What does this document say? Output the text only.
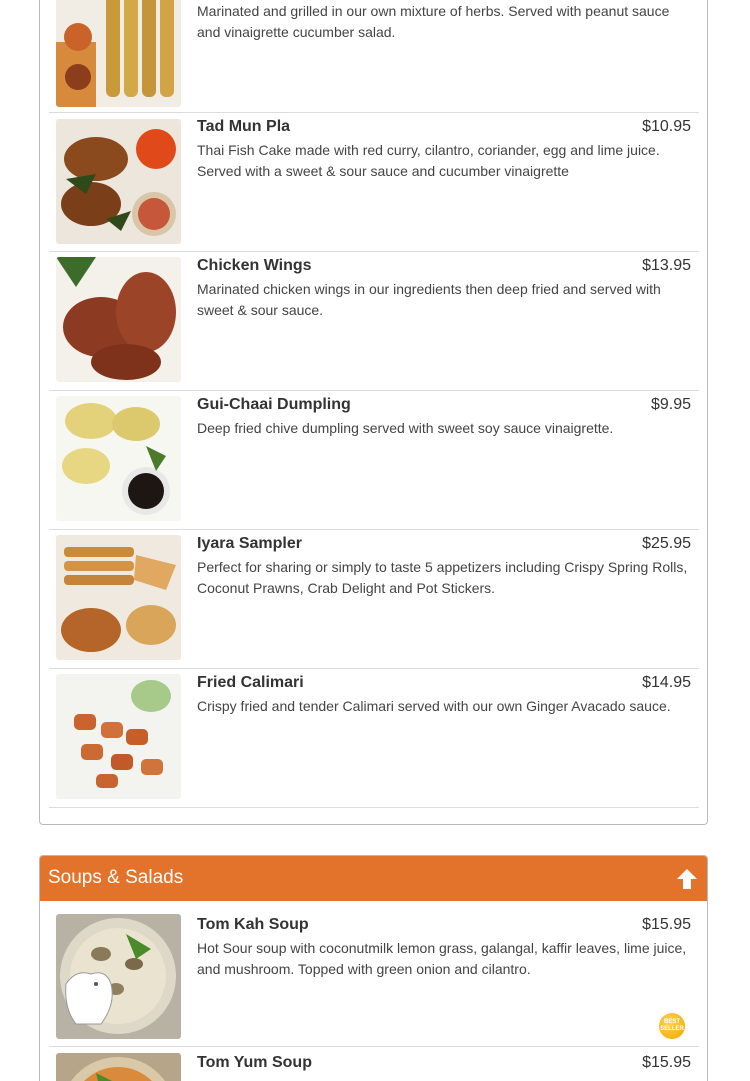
Marinated and grilled in our own mixture of herbs. Served with peanut sauce and vinaigrette cucumber salad.
Tad Mun Pla	$10.95
Thai Fish Cake made with red curry, cilantro, coriander, egg and lime juice. Served with a sweet & sour sauce and cucumber vinaigrette
Chicken Wings	$13.95
Marinated chicken wings in our ingredients then deep fried and served with sweet & sour sauce.
Gui-Chaai Dumpling	$9.95
Deep fried chive dumpling served with sweet soy sauce vinaigrette.
Iyara Sampler	$25.95
Perfect for sharing or simply to taste 5 appetizers including Crispy Spring Rolls, Coconut Prawns, Crab Delight and Pot Stickers.
Fried Calimari	$14.95
Crispy fried and tender Calimari served with our own Ginger Avacado sauce.
Soups & Salads
Tom Kah Soup	$15.95
Hot Sour soup with coconutmilk lemon grass, galangal, kaffir leaves, lime juice, and mushroom. Topped with green onion and cilantro.
BEST SELLER
Tom Yum Soup	$15.95
